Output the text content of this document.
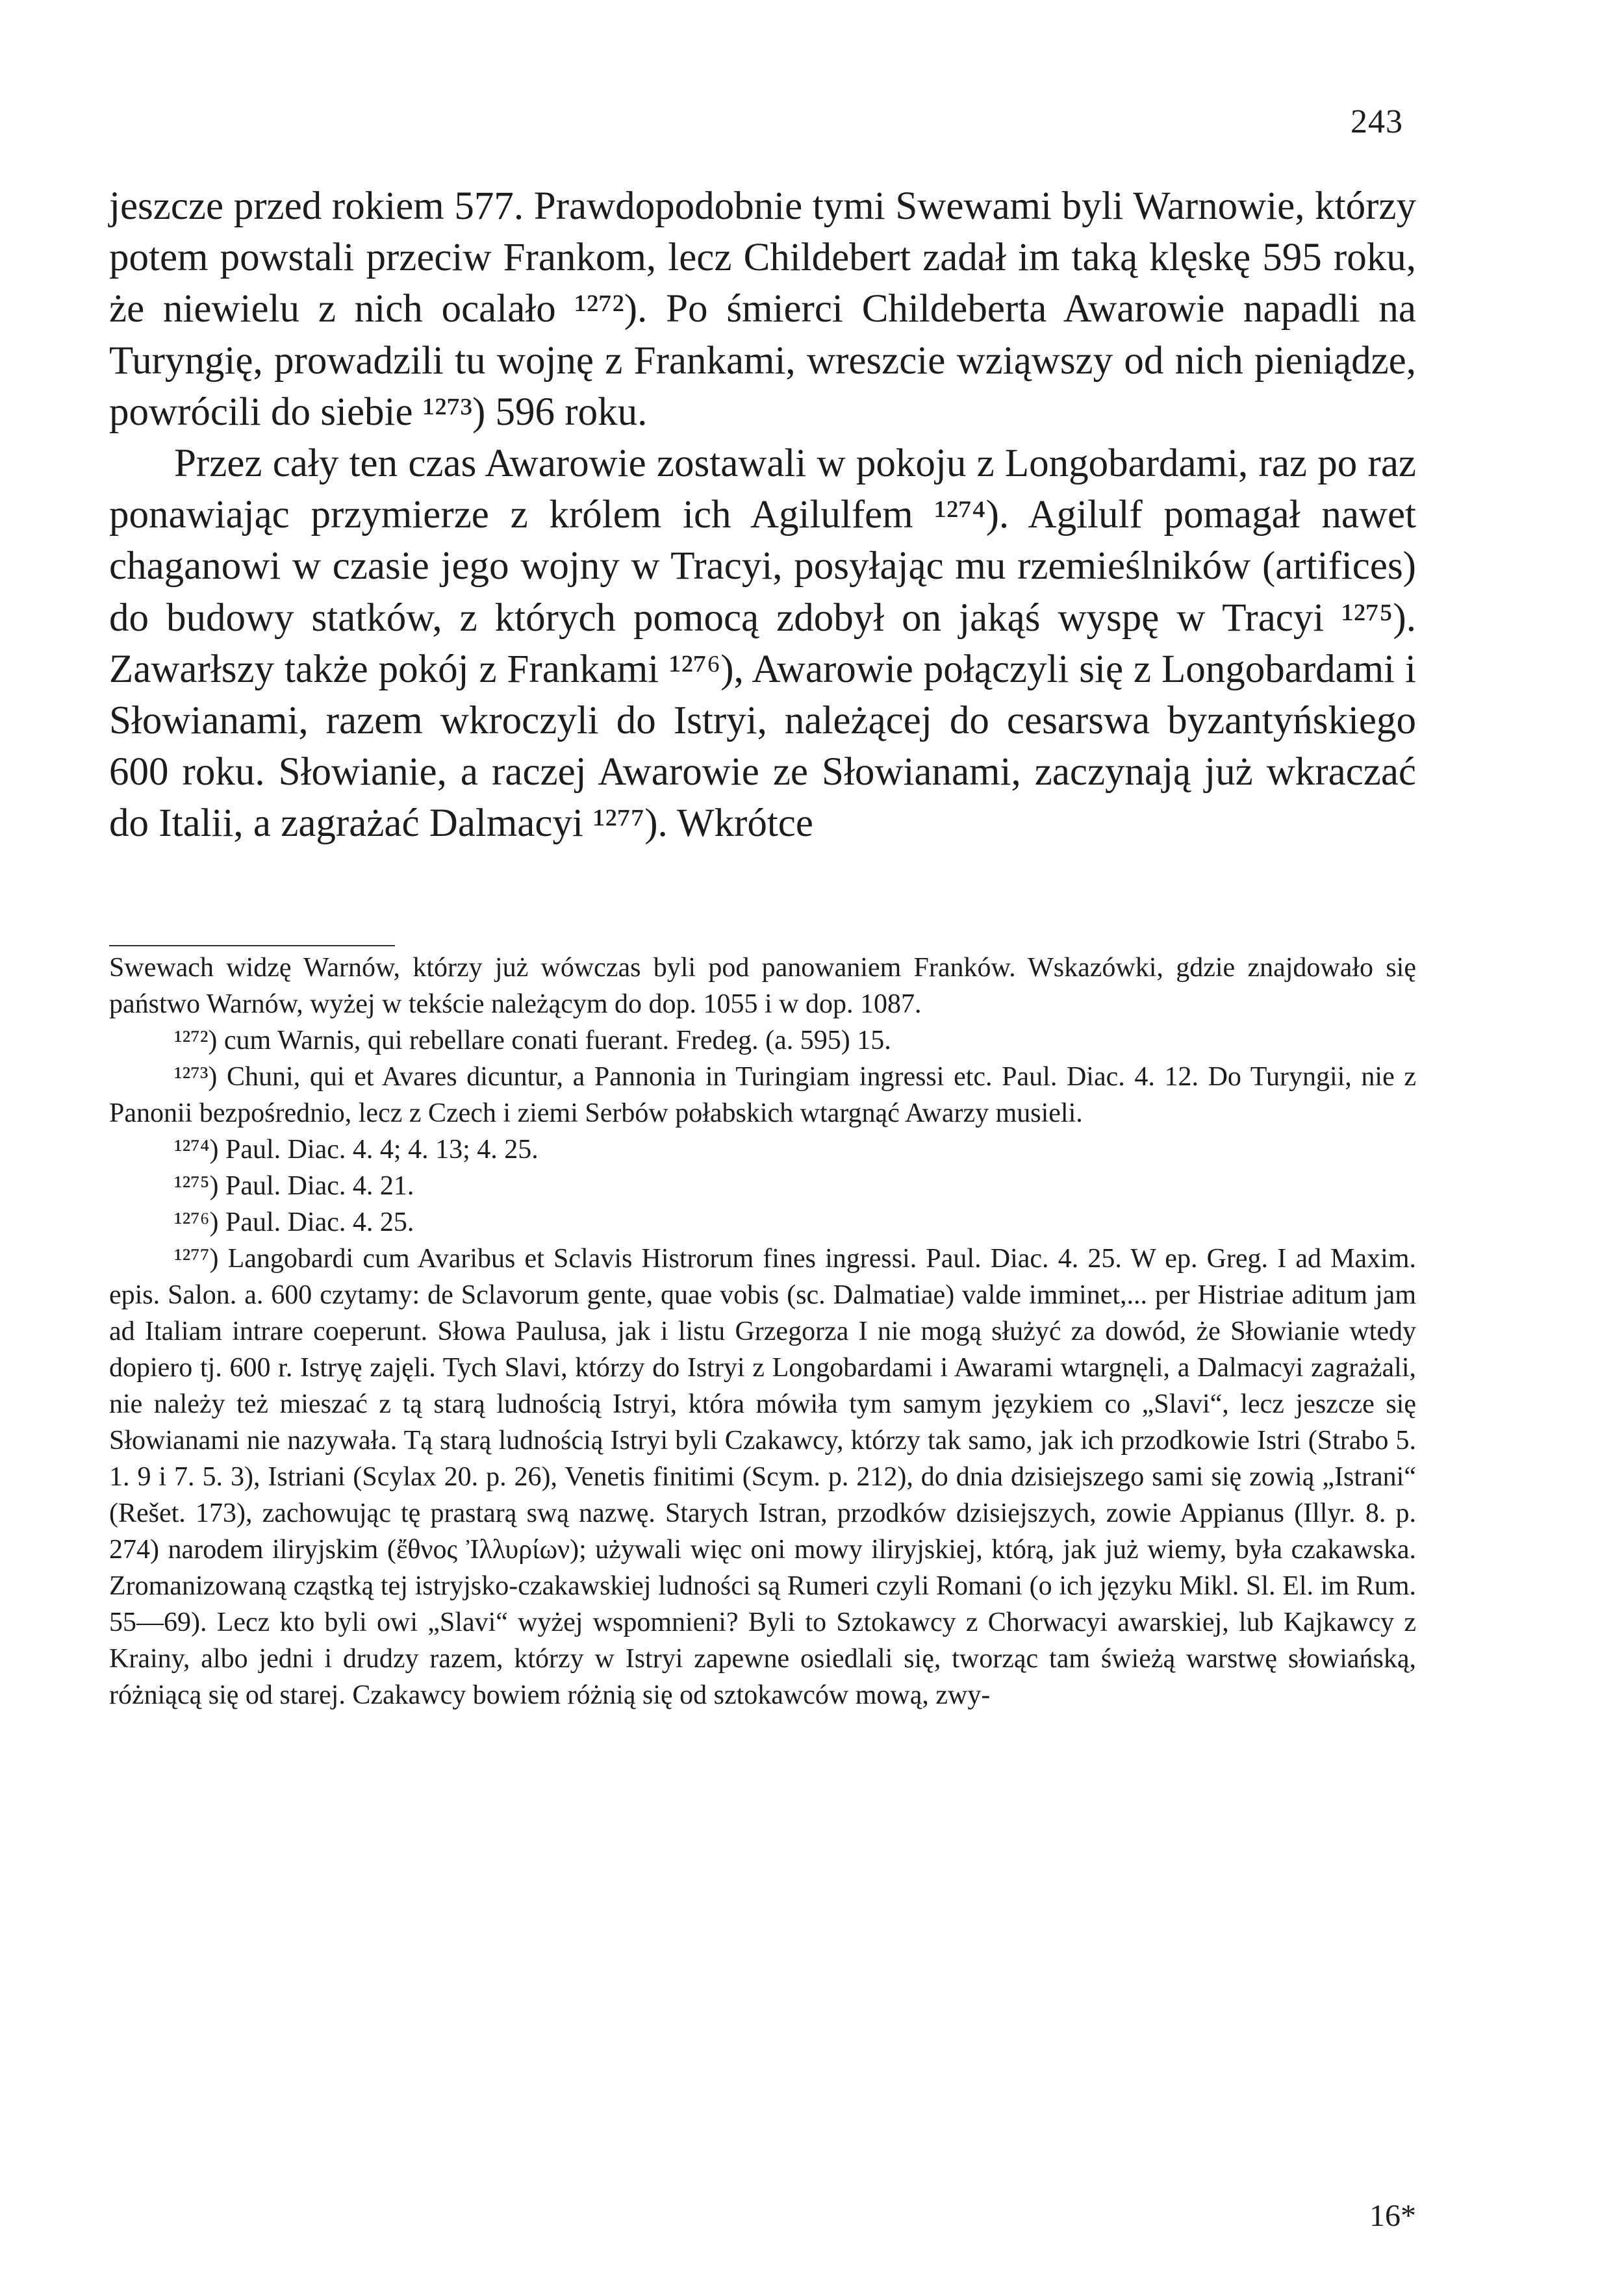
243

jeszcze przed rokiem 577. Prawdopodobnie tymi Swewami byli Warnowie, którzy potem powstali przeciw Frankom, lecz Childebert zadał im taką klęskę 595 roku, że niewielu z nich ocalało ¹²⁷²). Po śmierci Childeberta Awarowie napadli na Turyngię, prowadzili tu wojnę z Frankami, wreszcie wziąwszy od nich pieniądze, powrócili do siebie ¹²⁷³) 596 roku.

Przez cały ten czas Awarowie zostawali w pokoju z Longobardami, raz po raz ponawiając przymierze z królem ich Agilulfem ¹²⁷⁴). Agilulf pomagał nawet chaganowi w czasie jego wojny w Tracyi, posyłając mu rzemieślników (artifices) do budowy statków, z których pomocą zdobył on jakąś wyspę w Tracyi ¹²⁷⁵). Zawarłszy także pokój z Frankami ¹²⁷⁶), Awarowie połączyli się z Longobardami i Słowianami, razem wkroczyli do Istryi, należącej do cesarswa byzantyńskiego 600 roku. Słowianie, a raczej Awarowie ze Słowianami, zaczynają już wkraczać do Italii, a zagrażać Dalmacyi ¹²⁷⁷). Wkrótce

Swewach widzę Warnów, którzy już wówczas byli pod panowaniem Franków. Wskazówki, gdzie znajdowało się państwo Warnów, wyżej w tekście należącym do dop. 1055 i w dop. 1087.

¹²⁷²) cum Warnis, qui rebellare conati fuerant. Fredeg. (a. 595) 15.

¹²⁷³) Chuni, qui et Avares dicuntur, a Pannonia in Turingiam ingressi etc. Paul. Diac. 4. 12. Do Turyngii, nie z Panonii bezpośrednio, lecz z Czech i ziemi Serbów połabskich wtargnąć Awarzy musieli.

¹²⁷⁴) Paul. Diac. 4. 4; 4. 13; 4. 25.

¹²⁷⁵) Paul. Diac. 4. 21.

¹²⁷⁶) Paul. Diac. 4. 25.

¹²⁷⁷) Langobardi cum Avaribus et Sclavis Histrorum fines ingressi. Paul. Diac. 4. 25. W ep. Greg. I ad Maxim. epis. Salon. a. 600 czytamy: de Sclavorum gente, quae vobis (sc. Dalmatiae) valde imminet,... per Histriae aditum jam ad Italiam intrare coeperunt. Słowa Paulusa, jak i listu Grzegorza I nie mogą służyć za dowód, że Słowianie wtedy dopiero tj. 600 r. Istryę zajęli. Tych Slavi, którzy do Istryi z Longobardami i Awarami wtargnęli, a Dalmacyi zagrażali, nie należy też mieszać z tą starą ludnością Istryi, która mówiła tym samym językiem co „Slavi“, lecz jeszcze się Słowianami nie nazywała. Tą starą ludnością Istryi byli Czakawcy, którzy tak samo, jak ich przodkowie Istri (Strabo 5. 1. 9 i 7. 5. 3), Istriani (Scylax 20. p. 26), Venetis finitimi (Scym. p. 212), do dnia dzisiejszego sami się zowią „Istrani“ (Rešet. 173), zachowując tę prastarą swą nazwę. Starych Istran, przodków dzisiejszych, zowie Appianus (Illyr. 8. p. 274) narodem iliryjskim (ἔθνος Ἰλλυρίων); używali więc oni mowy iliryjskiej, którą, jak już wiemy, była czakawska. Zromanizowaną cząstką tej istryjsko-czakawskiej ludności są Rumeri czyli Romani (o ich języku Mikl. Sl. El. im Rum. 55—69). Lecz kto byli owi „Slavi“ wyżej wspomnieni? Byli to Sztokawcy z Chorwacyi awarskiej, lub Kajkawcy z Krainy, albo jedni i drudzy razem, którzy w Istryi zapewne osiedlali się, tworząc tam świeżą warstwę słowiańską, różniącą się od starej. Czakawcy bowiem różnią się od sztokawców mową, zwy-

16*
